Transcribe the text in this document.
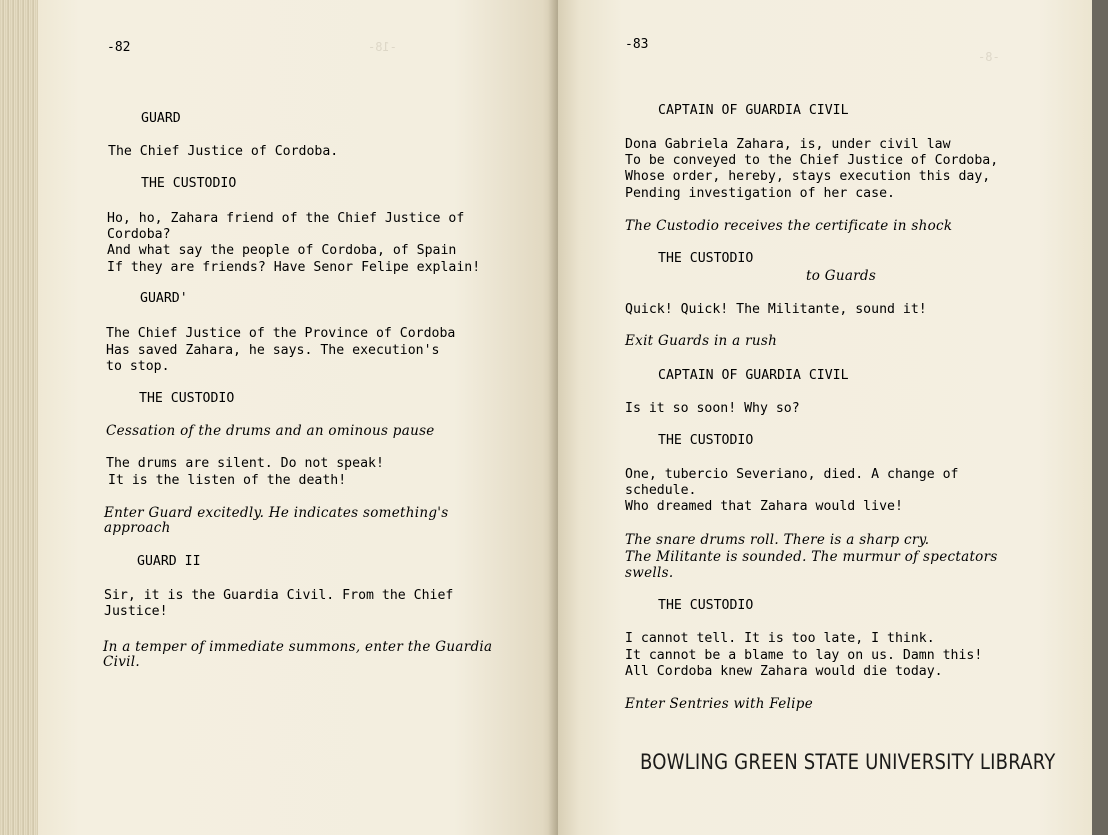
-18-
-8-
-82	-83
GUARD
The Chief Justice of Cordoba.
THE CUSTODIO
Ho, ho, Zahara friend of the Chief Justice of
Cordoba?
And what say the people of Cordoba, of Spain
If they are friends? Have Senor Felipe explain!
GUARD'
The Chief Justice of the Province of Cordoba
Has saved Zahara, he says. The execution's
to stop.
THE CUSTODIO
Cessation of the drums and an ominous pause
The drums are silent. Do not speak!
It is the listen of the death!
Enter Guard excitedly. He indicates something's
approach
GUARD II
Sir, it is the Guardia Civil. From the Chief
Justice!
In a temper of immediate summons, enter the Guardia
Civil.
CAPTAIN OF GUARDIA CIVIL
Dona Gabriela Zahara, is, under civil law
To be conveyed to the Chief Justice of Cordoba,
Whose order, hereby, stays execution this day,
Pending investigation of her case.
The Custodio receives the certificate in shock
THE CUSTODIO
to Guards
Quick! Quick! The Militante, sound it!
Exit Guards in a rush
CAPTAIN OF GUARDIA CIVIL
Is it so soon! Why so?
THE CUSTODIO
One, tubercio Severiano, died. A change of
schedule.
Who dreamed that Zahara would live!
The snare drums roll. There is a sharp cry.
The Militante is sounded. The murmur of spectators
swells.
THE CUSTODIO
I cannot tell. It is too late, I think.
It cannot be a blame to lay on us. Damn this!
All Cordoba knew Zahara would die today.
Enter Sentries with Felipe
BOWLING GREEN STATE UNIVERSITY LIBRARY
